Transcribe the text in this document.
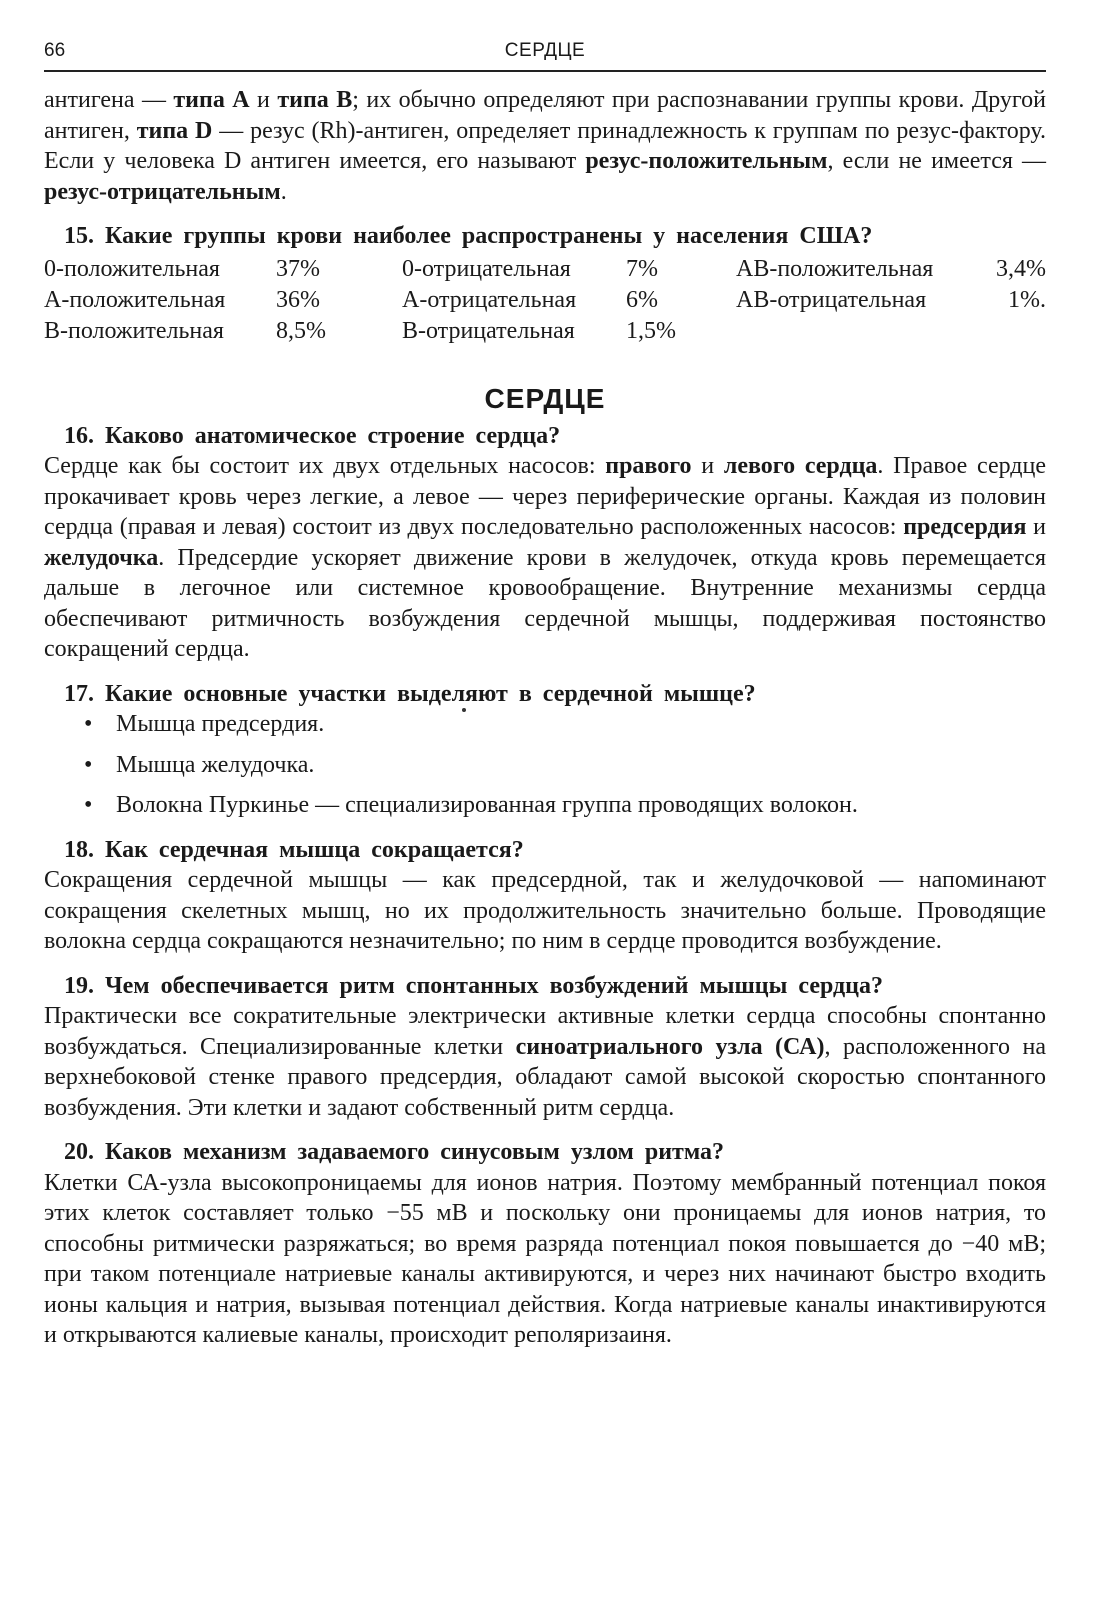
66	СЕРДЦЕ

антигена — типа А и типа В; их обычно определяют при распознавании группы крови. Другой антиген, типа D — резус (Rh)-антиген, определяет принадлежность к группам по резус-фактору. Если у человека D антиген имеется, его называют резус-положительным, если не имеется — резус-отрицательным.

15. Какие группы крови наиболее распространены у населения США?
0-положительная	37%	0-отрицательная	7%	АВ-положительная	3,4%
А-положительная	36%	А-отрицательная	6%	АВ-отрицательная	1%.
В-положительная	8,5%	В-отрицательная	1,5%		
СЕРДЦЕ
16. Каково анатомическое строение сердца?

Сердце как бы состоит их двух отдельных насосов: правого и левого сердца. Правое сердце прокачивает кровь через легкие, а левое — через периферические органы. Каждая из половин сердца (правая и левая) состоит из двух последовательно расположенных насосов: предсердия и желудочка. Предсердие ускоряет движение крови в желудочек, откуда кровь перемещается дальше в легочное или системное кровообращение. Внутренние механизмы сердца обеспечивают ритмичность возбуждения сердечной мышцы, поддерживая постоянство сокращений сердца.

17. Какие основные участки выделяют в сердечной мышце?
• Мышца предсердия.
• Мышца желудочка.
• Волокна Пуркинье — специализированная группа проводящих волокон.
18. Как сердечная мышца сокращается?

Сокращения сердечной мышцы — как предсердной, так и желудочковой — напоминают сокращения скелетных мышц, но их продолжительность значительно больше. Проводящие волокна сердца сокращаются незначительно; по ним в сердце проводится возбуждение.

19. Чем обеспечивается ритм спонтанных возбуждений мышцы сердца?

Практически все сократительные электрически активные клетки сердца способны спонтанно возбуждаться. Специализированные клетки синоатриального узла (СА), расположенного на верхнебоковой стенке правого предсердия, обладают самой высокой скоростью спонтанного возбуждения. Эти клетки и задают собственный ритм сердца.

20. Каков механизм задаваемого синусовым узлом ритма?

Клетки СА-узла высокопроницаемы для ионов натрия. Поэтому мембранный потенциал покоя этих клеток составляет только −55 мВ и поскольку они проницаемы для ионов натрия, то способны ритмически разряжаться; во время разряда потенциал покоя повышается до −40 мВ; при таком потенциале натриевые каналы активируются, и через них начинают быстро входить ионы кальция и натрия, вызывая потенциал действия. Когда натриевые каналы инактивируются и открываются калиевые каналы, происходит реполяризаиня.
